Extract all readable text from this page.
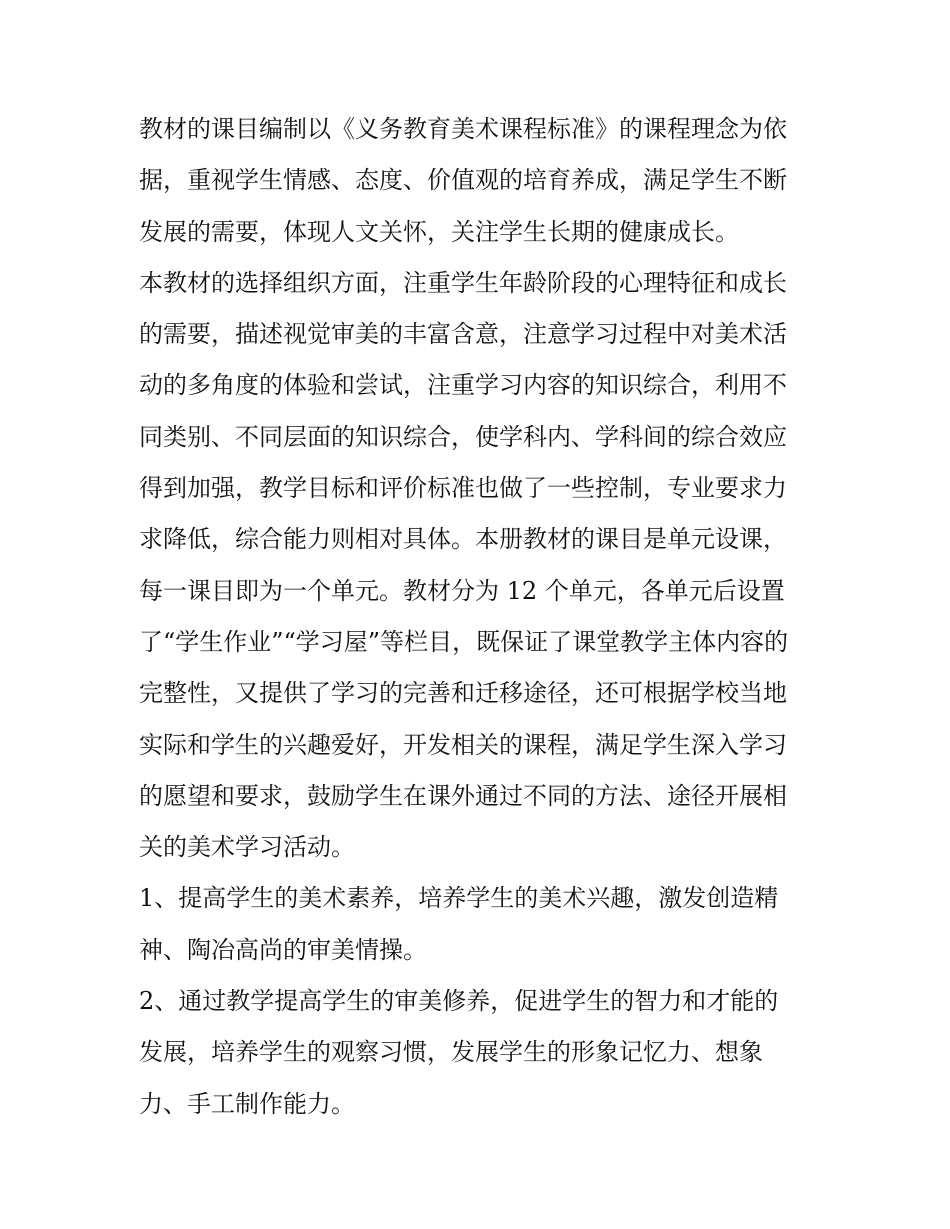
教材的课目编制以《义务教育美术课程标准》的课程理念为依
据，重视学生情感、态度、价值观的培育养成，满足学生不断
发展的需要，体现人文关怀，关注学生长期的健康成长。
本教材的选择组织方面，注重学生年龄阶段的心理特征和成长
的需要，描述视觉审美的丰富含意，注意学习过程中对美术活
动的多角度的体验和尝试，注重学习内容的知识综合，利用不
同类别、不同层面的知识综合，使学科内、学科间的综合效应
得到加强，教学目标和评价标准也做了一些控制，专业要求力
求降低，综合能力则相对具体。本册教材的课目是单元设课，
每一课目即为一个单元。教材分为 12 个单元，各单元后设置
了“学生作业”“学习屋”等栏目，既保证了课堂教学主体内容的
完整性，又提供了学习的完善和迁移途径，还可根据学校当地
实际和学生的兴趣爱好，开发相关的课程，满足学生深入学习
的愿望和要求，鼓励学生在课外通过不同的方法、途径开展相
关的美术学习活动。
1、提高学生的美术素养，培养学生的美术兴趣，激发创造精
神、陶冶高尚的审美情操。
2、通过教学提高学生的审美修养，促进学生的智力和才能的
发展，培养学生的观察习惯，发展学生的形象记忆力、想象
力、手工制作能力。
